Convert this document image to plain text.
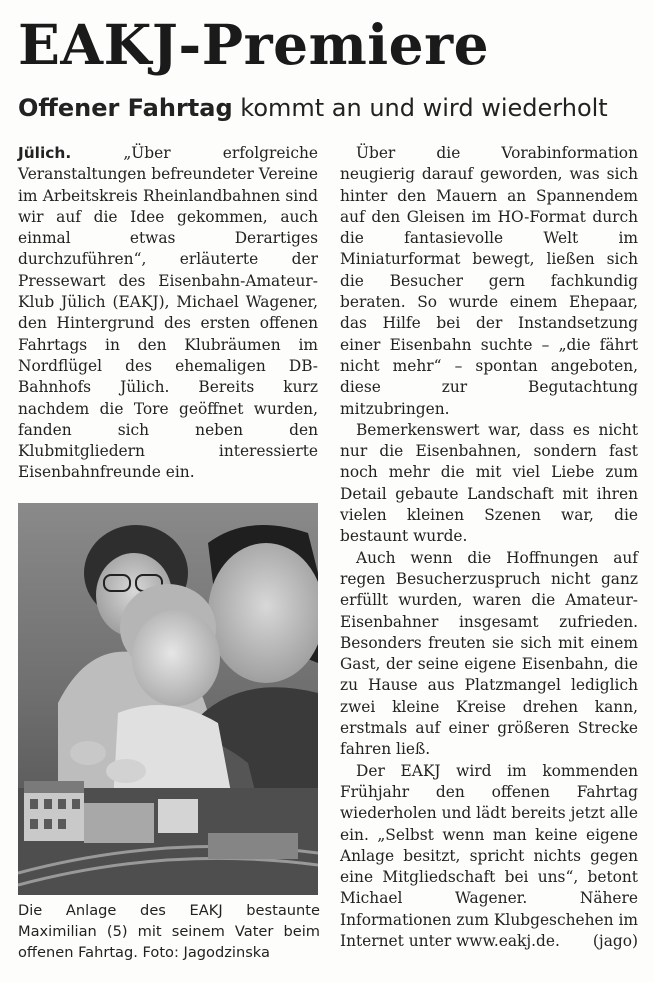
EAKJ-Premiere
Offener Fahrtag kommt an und wird wiederholt

Jülich. „Über erfolgreiche Veranstaltungen befreundeter Vereine im Arbeitskreis Rheinlandbahnen sind wir auf die Idee gekommen, auch einmal etwas Derartiges durchzuführen“, erläuterte der Pressewart des Eisenbahn-Amateur-Klub Jülich (EAKJ), Michael Wagener, den Hintergrund des ersten offenen Fahrtags in den Klubräumen im Nordflügel des ehemaligen DB-Bahnhofs Jülich. Bereits kurz nachdem die Tore geöffnet wurden, fanden sich neben den Klubmitgliedern interessierte Eisenbahnfreunde ein.

Die Anlage des EAKJ bestaunte Maximilian (5) mit seinem Vater beim offenen Fahrtag. Foto: Jagodzinska

Über die Vorabinformation neugierig darauf geworden, was sich hinter den Mauern an Spannendem auf den Gleisen im HO-Format durch die fantasievolle Welt im Miniaturformat bewegt, ließen sich die Besucher gern fachkundig beraten. So wurde einem Ehepaar, das Hilfe bei der Instandsetzung einer Eisenbahn suchte – „die fährt nicht mehr“ – spontan angeboten, diese zur Begutachtung mitzubringen.

Bemerkenswert war, dass es nicht nur die Eisenbahnen, sondern fast noch mehr die mit viel Liebe zum Detail gebaute Landschaft mit ihren vielen kleinen Szenen war, die bestaunt wurde.

Auch wenn die Hoffnungen auf regen Besucherzuspruch nicht ganz erfüllt wurden, waren die Amateur-Eisenbahner insgesamt zufrieden. Besonders freuten sie sich mit einem Gast, der seine eigene Eisenbahn, die zu Hause aus Platzmangel lediglich zwei kleine Kreise drehen kann, erstmals auf einer größeren Strecke fahren ließ.

Der EAKJ wird im kommenden Frühjahr den offenen Fahrtag wiederholen und lädt bereits jetzt alle ein. „Selbst wenn man keine eigene Anlage besitzt, spricht nichts gegen eine Mitgliedschaft bei uns“, betont Michael Wagener. Nähere Informationen zum Klubgeschehen im Internet unter www.eakj.de.	(jago)
